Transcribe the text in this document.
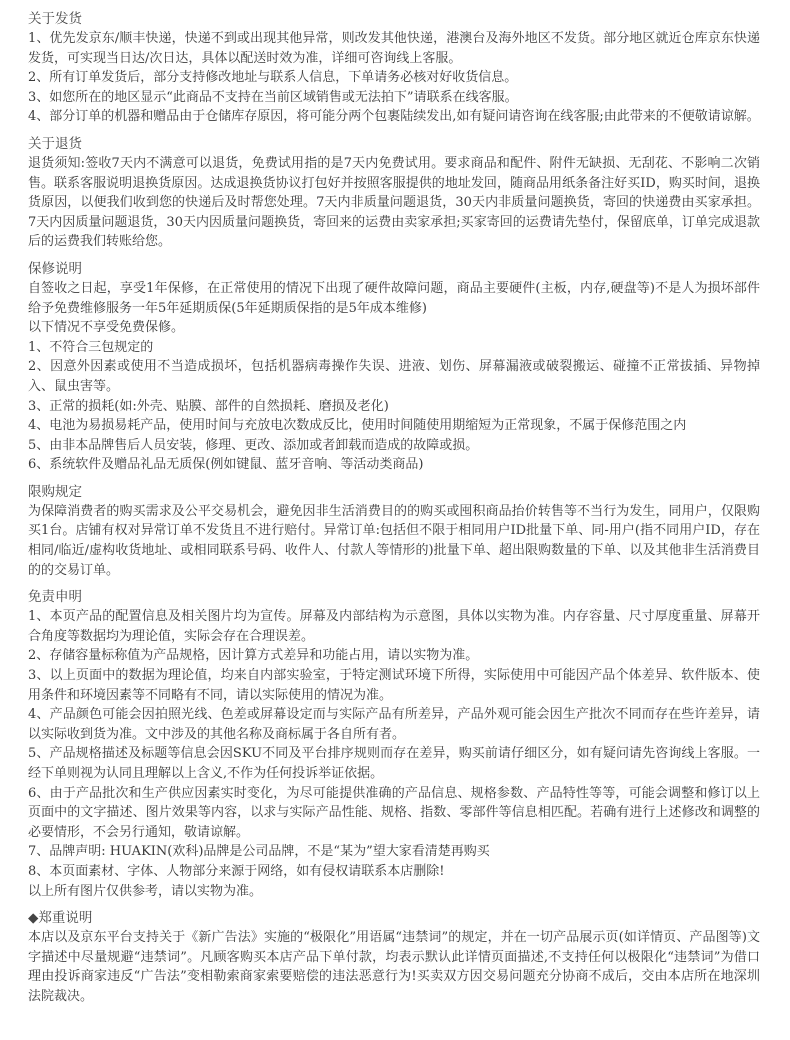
关于发货

1、优先发京东/顺丰快递，快递不到或出现其他异常，则改发其他快递，港澳台及海外地区不发货。部分地区就近仓库京东快递发货，可实现当日达/次日达，具体以配送时效为准，详细可咨询线上客服。

2、所有订单发货后，部分支持修改地址与联系人信息，下单请务必核对好收货信息。

3、如您所在的地区显示“此商品不支持在当前区域销售或无法拍下”请联系在线客服。

4、部分订单的机器和赠品由于仓储库存原因，将可能分两个包裹陆续发出,如有疑问请咨询在线客服;由此带来的不便敬请谅解。

关于退货

退货须知:签收7天内不满意可以退货，免费试用指的是7天内免费试用。要求商品和配件、附件无缺损、无刮花、不影响二次销售。联系客服说明退换货原因。达成退换货协议打包好并按照客服提供的地址发回，随商品用纸条备注好买ID，购买时间，退换货原因，以便我们收到您的快递后及时帮您处理。7天内非质量问题退货，30天内非质量问题换货，寄回的快递费由买家承担。7天内因质量问题退货，30天内因质量问题换货，寄回来的运费由卖家承担;买家寄回的运费请先垫付，保留底单，订单完成退款后的运费我们转账给您。

保修说明

自签收之日起，享受1年保修，在正常使用的情况下出现了硬件故障问题，商品主要硬件(主板，内存,硬盘等)不是人为损坏部件给予免费维修服务一年5年延期质保(5年延期质保指的是5年成本维修)

以下情况不享受免费保修。

1、不符合三包规定的

2、因意外因素或使用不当造成损坏，包括机器病毒操作失误、进液、划伤、屏幕漏液或破裂搬运、碰撞不正常拔插、异物掉入、鼠虫害等。

3、正常的损耗(如:外壳、贴膜、部件的自然损耗、磨损及老化)

4、电池为易损易耗产品，使用时间与充放电次数成反比，使用时间随使用期缩短为正常现象，不属于保修范围之内

5、由非本品牌售后人员安装，修理、更改、添加或者卸载而造成的故障或损。

6、系统软件及赠品礼品无质保(例如键鼠、蓝牙音响、等活动类商品)

限购规定

为保障消费者的购买需求及公平交易机会，避免因非生活消费目的的购买或囤积商品抬价转售等不当行为发生，同用户，仅限购买1台。店铺有权对异常订单不发货且不进行赔付。异常订单:包括但不限于相同用户ID批量下单、同-用户(指不同用户ID，存在相同/临近/虚构收货地址、或相同联系号码、收件人、付款人等情形的)批量下单、超出限购数量的下单、以及其他非生活消费目的的交易订单。

免责申明

1、本页产品的配置信息及相关图片均为宣传。屏幕及内部结构为示意图，具体以实物为准。内存容量、尺寸厚度重量、屏幕开合角度等数据均为理论值，实际会存在合理误差。

2、存储容量标称值为产品规格，因计算方式差异和功能占用，请以实物为准。

3、以上页面中的数据为理论值，均来自内部实验室，于特定测试环境下所得，实际使用中可能因产品个体差异、软件版本、使用条件和环境因素等不同略有不同，请以实际使用的情况为准。

4、产品颜色可能会因拍照光线、色差或屏幕设定而与实际产品有所差异，产品外观可能会因生产批次不同而存在些许差异，请以实际收到货为准。文中涉及的其他名称及商标属于各自所有者。

5、产品规格描述及标题等信息会因SKU不同及平台排序规则而存在差异，购买前请仔细区分，如有疑问请先咨询线上客服。一经下单则视为认同且理解以上含义,不作为任何投诉举证依据。

6、由于产品批次和生产供应因素实时变化，为尽可能提供准确的产品信息、规格参数、产品特性等等，可能会调整和修订以上页面中的文字描述、图片效果等内容，以求与实际产品性能、规格、指数、零部件等信息相匹配。若确有进行上述修改和调整的必要情形，不会另行通知，敬请谅解。

7、品牌声明: HUAKIN(欢科)品牌是公司品牌，不是“某为”望大家看清楚再购买

8、本页面素材、字体、人物部分来源于网络，如有侵权请联系本店删除!

以上所有图片仅供参考，请以实物为准。

◆郑重说明

本店以及京东平台支持关于《新广告法》实施的“极限化”用语属“违禁词”的规定，并在一切产品展示页(如详情页、产品图等)文字描述中尽量规避“违禁词”。凡顾客购买本店产品下单付款，均表示默认此详情页面描述,不支持任何以极限化“违禁词”为借口理由投诉商家违反“广告法”变相勒索商家索要赔偿的违法恶意行为!买卖双方因交易问题充分协商不成后，交由本店所在地深圳法院裁决。
